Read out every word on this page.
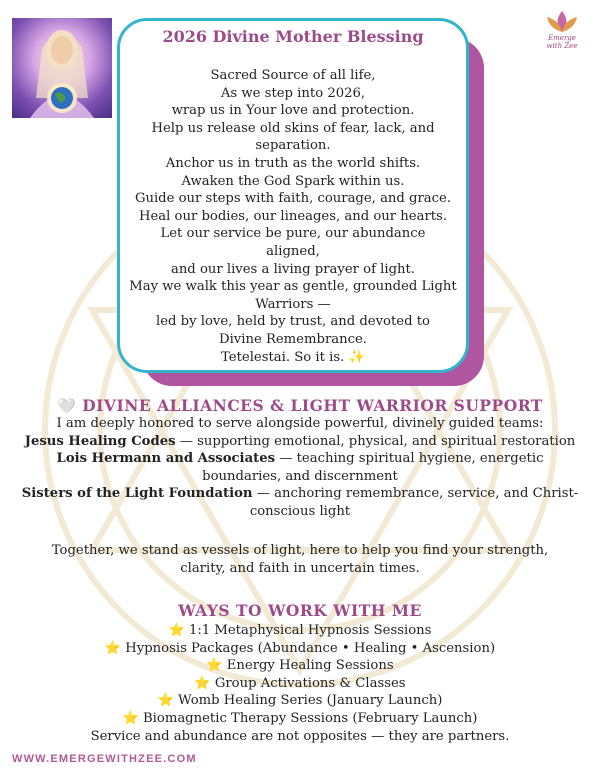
Emerge with Zee
2026 Divine Mother Blessing
Sacred Source of all life,
As we step into 2026,
wrap us in Your love and protection.
Help us release old skins of fear, lack, and
separation.
Anchor us in truth as the world shifts.
Awaken the God Spark within us.
Guide our steps with faith, courage, and grace.
Heal our bodies, our lineages, and our hearts.
Let our service be pure, our abundance
aligned,
and our lives a living prayer of light.
May we walk this year as gentle, grounded Light
Warriors —
led by love, held by trust, and devoted to
Divine Remembrance.
Tetelestai. So it is. ✨
🤍 DIVINE ALLIANCES & LIGHT WARRIOR SUPPORT
I am deeply honored to serve alongside powerful, divinely guided teams:
Jesus Healing Codes — supporting emotional, physical, and spiritual restoration
Lois Hermann and Associates — teaching spiritual hygiene, energetic
boundaries, and discernment
Sisters of the Light Foundation — anchoring remembrance, service, and Christ-
conscious light
Together, we stand as vessels of light, here to help you find your strength,
clarity, and faith in uncertain times.
WAYS TO WORK WITH ME
⭐ 1:1 Metaphysical Hypnosis Sessions
⭐ Hypnosis Packages (Abundance • Healing • Ascension)
⭐ Energy Healing Sessions
⭐ Group Activations & Classes
⭐ Womb Healing Series (January Launch)
⭐ Biomagnetic Therapy Sessions (February Launch)
Service and abundance are not opposites — they are partners.
WWW.EMERGEWITHZEE.COM
